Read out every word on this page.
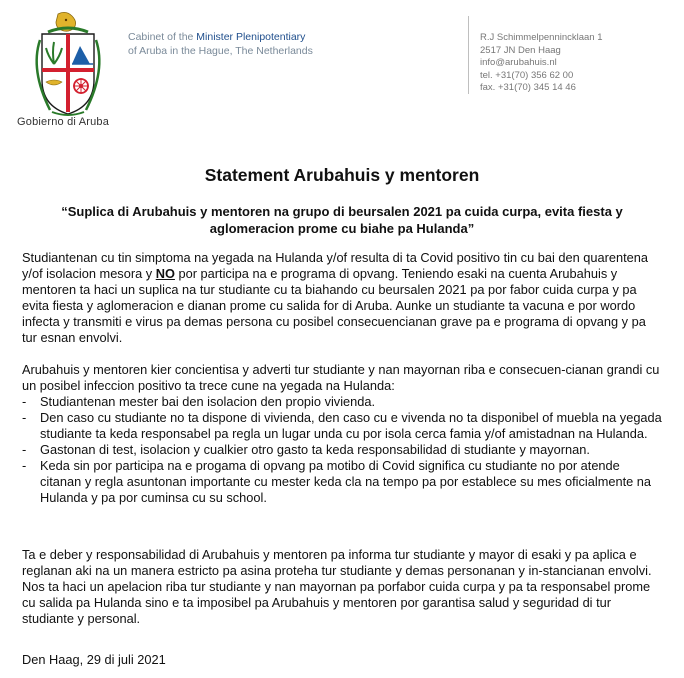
Gobierno di Aruba
Cabinet of the Minister Plenipotentiary
of Aruba in the Hague, The Netherlands
R.J Schimmelpennincklaan 1
2517 JN Den Haag
info@arubahuis.nl
tel. +31(70) 356 62 00
fax. +31(70) 345 14 46
Statement Arubahuis y mentoren
“Suplica di Arubahuis y mentoren na grupo di beursalen 2021 pa cuida curpa, evita fiesta y aglomeracion prome cu biahe pa Hulanda”
Studiantenan cu tin simptoma na yegada na Hulanda y/of resulta di ta Covid positivo tin cu bai den quarentena y/of isolacion mesora y NO por participa na e programa di opvang. Teniendo esaki na cuenta Arubahuis y mentoren ta haci un suplica na tur studiante cu ta biahando cu beursalen 2021 pa por fabor cuida curpa y pa evita fiesta y aglomeracion e dianan prome cu salida for di Aruba. Aunke un studiante ta vacuna e por wordo infecta y transmiti e virus pa demas persona cu posibel consecuencianan grave pa e programa di opvang y pa tur esnan envolvi.
Arubahuis y mentoren kier concientisa y adverti tur studiante y nan mayornan riba e consecuen-cianan grandi cu un posibel infeccion positivo ta trece cune na yegada na Hulanda:
- Studiantenan mester bai den isolacion den propio vivienda.
- Den caso cu studiante no ta dispone di vivienda, den caso cu e vivenda no ta disponibel of muebla na yegada studiante ta keda responsabel pa regla un lugar unda cu por isola cerca famia y/of amistadnan na Hulanda.
- Gastonan di test, isolacion y cualkier otro gasto ta keda responsabilidad di studiante y mayornan.
- Keda sin por participa na e progama di opvang pa motibo di Covid significa cu studiante no por atende citanan y regla asuntonan importante cu mester keda cla na tempo pa por establece su mes oficialmente na Hulanda y pa por cuminsa cu su school.
Ta e deber y responsabilidad di Arubahuis y mentoren pa informa tur studiante y mayor di esaki y pa aplica e reglanan aki na un manera estricto pa asina proteha tur studiante y demas personanan y in-stancianan envolvi. Nos ta haci un apelacion riba tur studiante y nan mayornan pa porfabor cuida curpa y pa ta responsabel prome cu salida pa Hulanda sino e ta imposibel pa Arubahuis y mentoren por garantisa salud y seguridad di tur studiante y personal.
Den Haag, 29 di juli 2021
